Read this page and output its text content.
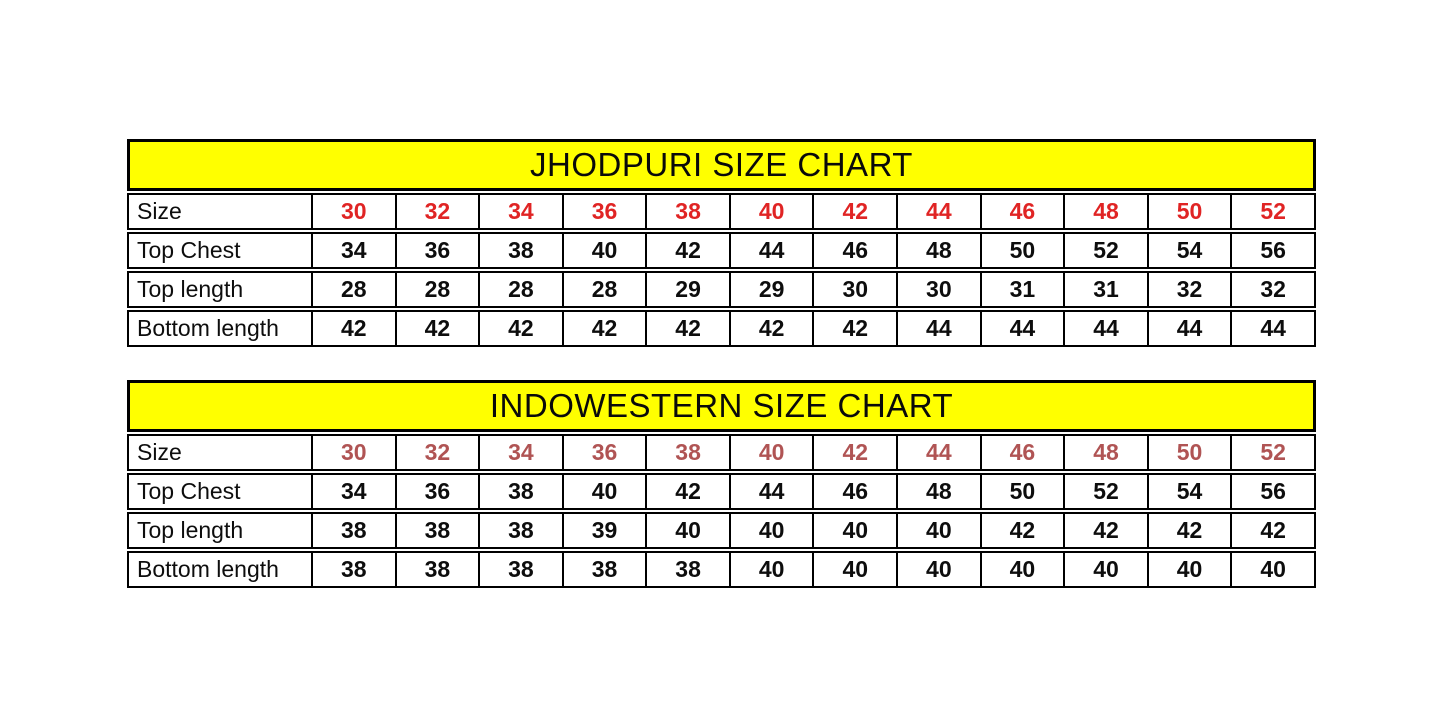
JHODPURI SIZE CHART
Size	30	32	34	36	38	40	42	44	46	48	50	52
Top Chest	34	36	38	40	42	44	46	48	50	52	54	56
Top length	28	28	28	28	29	29	30	30	31	31	32	32
Bottom length	42	42	42	42	42	42	42	44	44	44	44	44
INDOWESTERN SIZE CHART
Size	30	32	34	36	38	40	42	44	46	48	50	52
Top Chest	34	36	38	40	42	44	46	48	50	52	54	56
Top length	38	38	38	39	40	40	40	40	42	42	42	42
Bottom length	38	38	38	38	38	40	40	40	40	40	40	40
